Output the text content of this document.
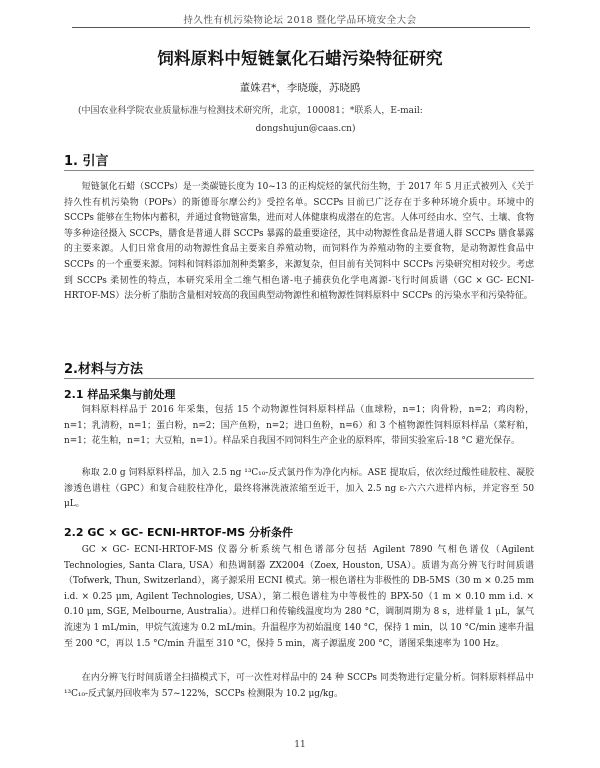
持久性有机污染物论坛 2018 暨化学品环境安全大会
饲料原料中短链氯化石蜡污染特征研究
董姝君*，李晓璇，苏晓鸥
(中国农业科学院农业质量标准与检测技术研究所，北京，100081；*联系人，E-mail:
dongshujun@caas.cn)
1. 引言

短链氯化石蜡（SCCPs）是一类碳链长度为 10~13 的正构烷烃的氯代衍生物，于 2017 年 5 月正式被列入《关于持久性有机污染物（POPs）的斯德哥尔摩公约》受控名单。SCCPs 目前已广泛存在于多种环境介质中。环境中的 SCCPs 能够在生物体内蓄积，并通过食物链富集，进而对人体健康构成潜在的危害。人体可经由水、空气、土壤、食物等多种途径摄入 SCCPs，膳食是普通人群 SCCPs 暴露的最重要途径，其中动物源性食品是普通人群 SCCPs 膳食暴露的主要来源。人们日常食用的动物源性食品主要来自养殖动物，而饲料作为养殖动物的主要食物，是动物源性食品中 SCCPs 的一个重要来源。饲料和饲料添加剂种类繁多，来源复杂，但目前有关饲料中 SCCPs 污染研究相对较少。考虑到 SCCPs 柔韧性的特点，本研究采用全二维气相色谱-电子捕获负化学电离源-飞行时间质谱（GC × GC- ECNI-HRTOF-MS）法分析了脂肪含量相对较高的我国典型动物源性和植物源性饲料原料中 SCCPs 的污染水平和污染特征。

2.材料与方法
2.1 样品采集与前处理

饲料原料样品于 2016 年采集，包括 15 个动物源性饲料原料样品（血球粉，n=1；肉骨粉，n=2；鸡肉粉，n=1；乳清粉，n=1；蛋白粉，n=2；国产鱼粉，n=2；进口鱼粉，n=6）和 3 个植物源性饲料原料样品（菜籽粕，n=1；花生粕，n=1；大豆粕，n=1）。样品采自我国不同饲料生产企业的原料库，带回实验室后-18 °C 避光保存。

称取 2.0 g 饲料原料样品，加入 2.5 ng ¹³C₁₀-反式氯丹作为净化内标。ASE 提取后，依次经过酸性硅胶柱、凝胶渗透色谱柱（GPC）和复合硅胶柱净化，最终将淋洗液浓缩至近干，加入 2.5 ng ε-六六六进样内标，并定容至 50 μL。

2.2 GC × GC- ECNI-HRTOF-MS 分析条件

GC × GC- ECNI-HRTOF-MS 仪器分析系统气相色谱部分包括 Agilent 7890 气相色谱仪（Agilent Technologies, Santa Clara, USA）和热调制器 ZX2004（Zoex, Houston, USA）。质谱为高分辨飞行时间质谱（Tofwerk, Thun, Switzerland），离子源采用 ECNI 模式。第一根色谱柱为非极性的 DB-5MS（30 m × 0.25 mm i.d. × 0.25 μm, Agilent Technologies, USA），第二根色谱柱为中等极性的 BPX-50（1 m × 0.10 mm i.d. × 0.10 μm, SGE, Melbourne, Australia）。进样口和传输线温度均为 280 °C，调制周期为 8 s，进样量 1 μL，氯气流速为 1 mL/min，甲烷气流速为 0.2 mL/min。升温程序为初始温度 140 °C，保持 1 min，以 10 °C/min 速率升温至 200 °C，再以 1.5 °C/min 升温至 310 °C，保持 5 min，离子源温度 200 °C，谱图采集速率为 100 Hz。

在内分辨飞行时间质谱全扫描模式下，可一次性对样品中的 24 种 SCCPs 同类物进行定量分析。饲料原料样品中 ¹³C₁₀-反式氯丹回收率为 57~122%，SCCPs 检测限为 10.2 μg/kg。

11
